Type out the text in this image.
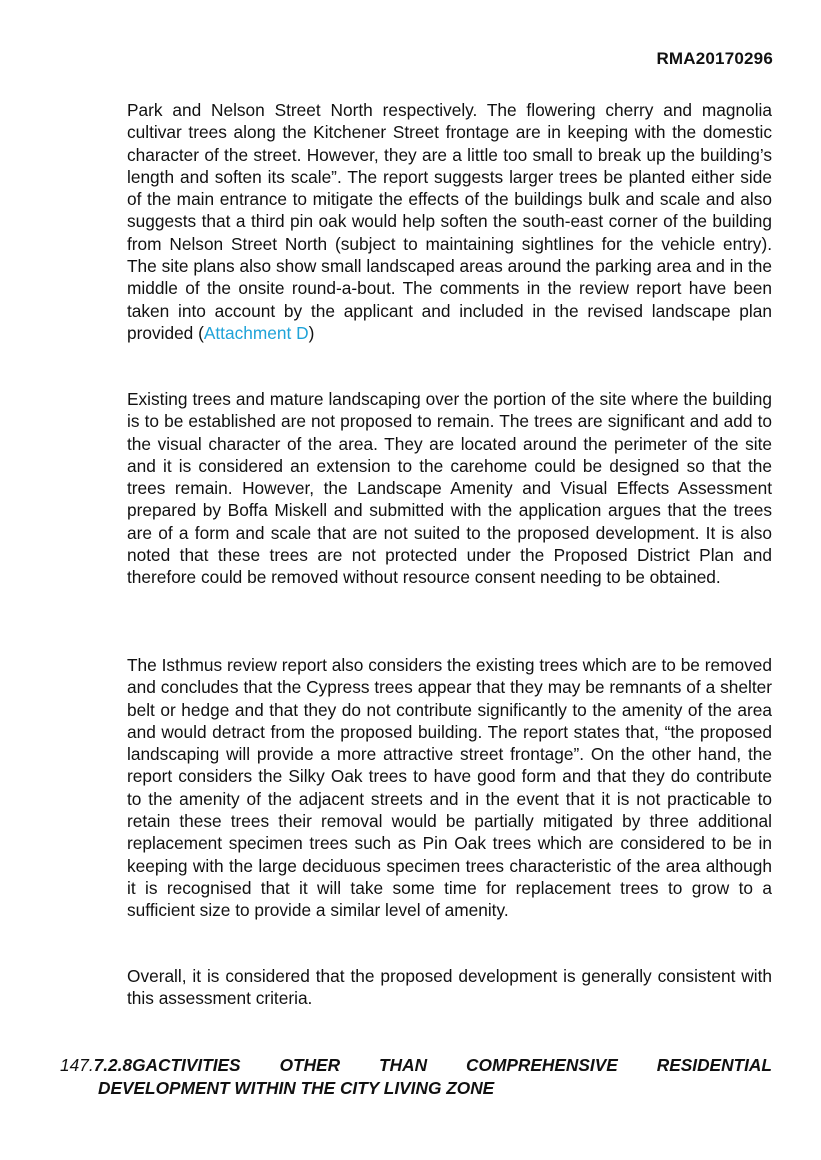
RMA20170296

Park and Nelson Street North respectively. The flowering cherry and magnolia cultivar trees along the Kitchener Street frontage are in keeping with the domestic character of the street. However, they are a little too small to break up the building’s length and soften its scale”. The report suggests larger trees be planted either side of the main entrance to mitigate the effects of the buildings bulk and scale and also suggests that a third pin oak would help soften the south-east corner of the building from Nelson Street North (subject to maintaining sightlines for the vehicle entry). The site plans also show small landscaped areas around the parking area and in the middle of the onsite round-a-bout. The comments in the review report have been taken into account by the applicant and included in the revised landscape plan provided (Attachment D)

Existing trees and mature landscaping over the portion of the site where the building is to be established are not proposed to remain. The trees are significant and add to the visual character of the area. They are located around the perimeter of the site and it is considered an extension to the carehome could be designed so that the trees remain. However, the Landscape Amenity and Visual Effects Assessment prepared by Boffa Miskell and submitted with the application argues that the trees are of a form and scale that are not suited to the proposed development. It is also noted that these trees are not protected under the Proposed District Plan and therefore could be removed without resource consent needing to be obtained.

The Isthmus review report also considers the existing trees which are to be removed and concludes that the Cypress trees appear that they may be remnants of a shelter belt or hedge and that they do not contribute significantly to the amenity of the area and would detract from the proposed building. The report states that, “the proposed landscaping will provide a more attractive street frontage”. On the other hand, the report considers the Silky Oak trees to have good form and that they do contribute to the amenity of the adjacent streets and in the event that it is not practicable to retain these trees their removal would be partially mitigated by three additional replacement specimen trees such as Pin Oak trees which are considered to be in keeping with the large deciduous specimen trees characteristic of the area although it is recognised that it will take some time for replacement trees to grow to a sufficient size to provide a similar level of amenity.

Overall, it is considered that the proposed development is generally consistent with this assessment criteria.

147.7.2.8GACTIVITIES OTHER THAN COMPREHENSIVE RESIDENTIAL
DEVELOPMENT WITHIN THE CITY LIVING ZONE
